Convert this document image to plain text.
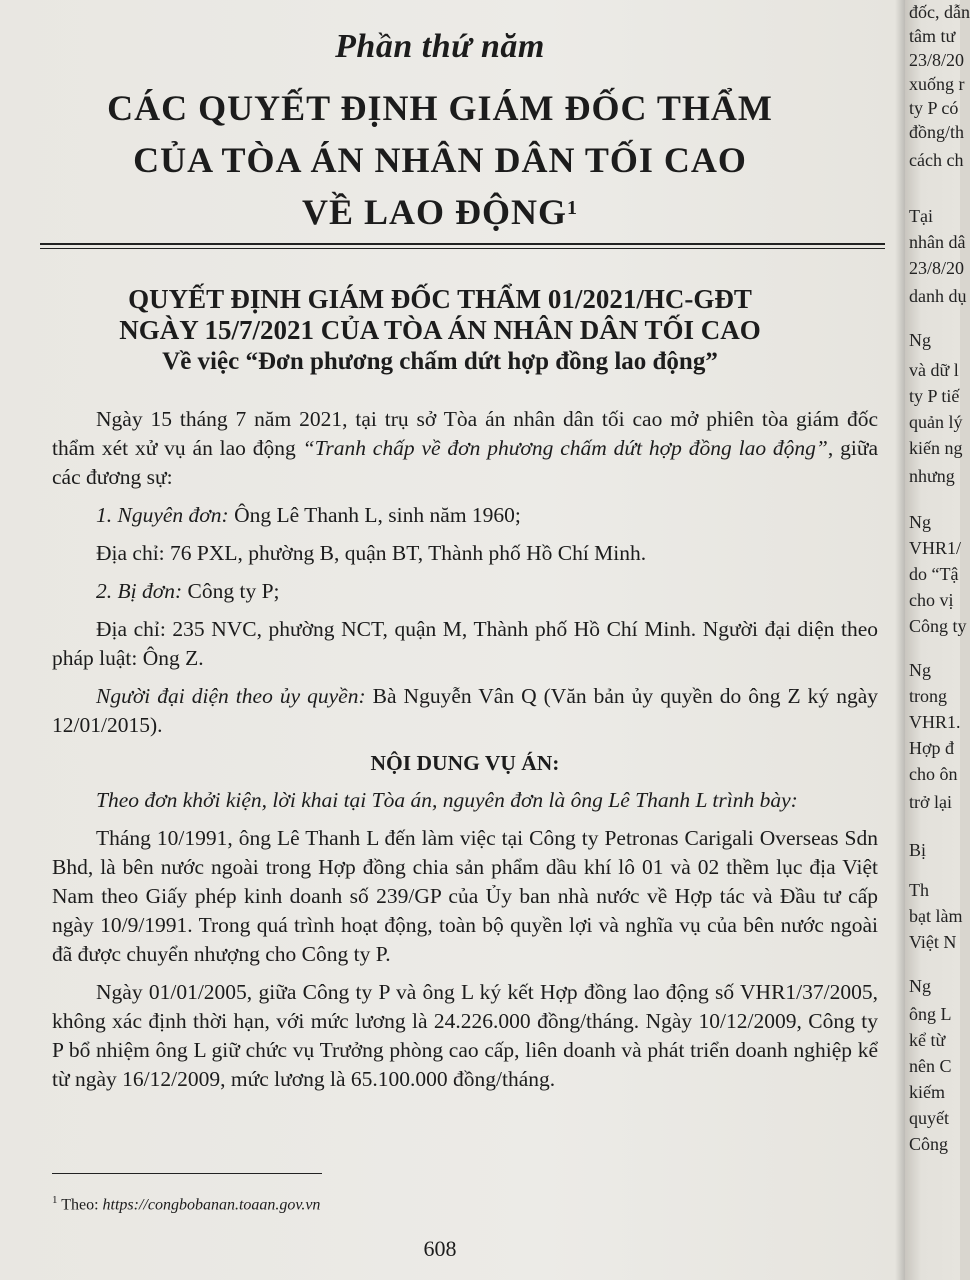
Phần thứ năm
CÁC QUYẾT ĐỊNH GIÁM ĐỐC THẨM
CỦA TÒA ÁN NHÂN DÂN TỐI CAO
VỀ LAO ĐỘNG$^1$
QUYẾT ĐỊNH GIÁM ĐỐC THẨM 01/2021/HC-GĐT
NGÀY 15/7/2021 CỦA TÒA ÁN NHÂN DÂN TỐI CAO
Về việc “Đơn phương chấm dứt hợp đồng lao động”

Ngày 15 tháng 7 năm 2021, tại trụ sở Tòa án nhân dân tối cao mở phiên tòa giám đốc thẩm xét xử vụ án lao động “Tranh chấp về đơn phương chấm dứt hợp đồng lao động”, giữa các đương sự:

1. Nguyên đơn: Ông Lê Thanh L, sinh năm 1960;

Địa chỉ: 76 PXL, phường B, quận BT, Thành phố Hồ Chí Minh.

2. Bị đơn: Công ty P;

Địa chỉ: 235 NVC, phường NCT, quận M, Thành phố Hồ Chí Minh. Người đại diện theo pháp luật: Ông Z.

Người đại diện theo ủy quyền: Bà Nguyễn Vân Q (Văn bản ủy quyền do ông Z ký ngày 12/01/2015).

NỘI DUNG VỤ ÁN:

Theo đơn khởi kiện, lời khai tại Tòa án, nguyên đơn là ông Lê Thanh L trình bày:

Tháng 10/1991, ông Lê Thanh L đến làm việc tại Công ty Petronas Carigali Overseas Sdn Bhd, là bên nước ngoài trong Hợp đồng chia sản phẩm dầu khí lô 01 và 02 thềm lục địa Việt Nam theo Giấy phép kinh doanh số 239/GP của Ủy ban nhà nước về Hợp tác và Đầu tư cấp ngày 10/9/1991. Trong quá trình hoạt động, toàn bộ quyền lợi và nghĩa vụ của bên nước ngoài đã được chuyển nhượng cho Công ty P.

Ngày 01/01/2005, giữa Công ty P và ông L ký kết Hợp đồng lao động số VHR1/37/2005, không xác định thời hạn, với mức lương là 24.226.000 đồng/tháng. Ngày 10/12/2009, Công ty P bổ nhiệm ông L giữ chức vụ Trưởng phòng cao cấp, liên doanh và phát triển doanh nghiệp kể từ ngày 16/12/2009, mức lương là 65.100.000 đồng/tháng.

$^1$ Theo: https://congbobanan.toaan.gov.vn
608
đốc, dẫn
tâm tư
23/8/20
xuống r
ty P có
đồng/th
cách ch
Tại
nhân dâ
23/8/20
danh dụ
Ng
và dữ l
ty P tiế
quản lý
kiến ng
nhưng
Ng
VHR1/
do “Tậ
cho vị
Công ty
Ng
trong
VHR1.
Hợp đ
cho ôn
trở lại
Bị
Th
bạt làm
Việt N
Ng
ông L
kể từ
nên C
kiếm
quyết
Công
